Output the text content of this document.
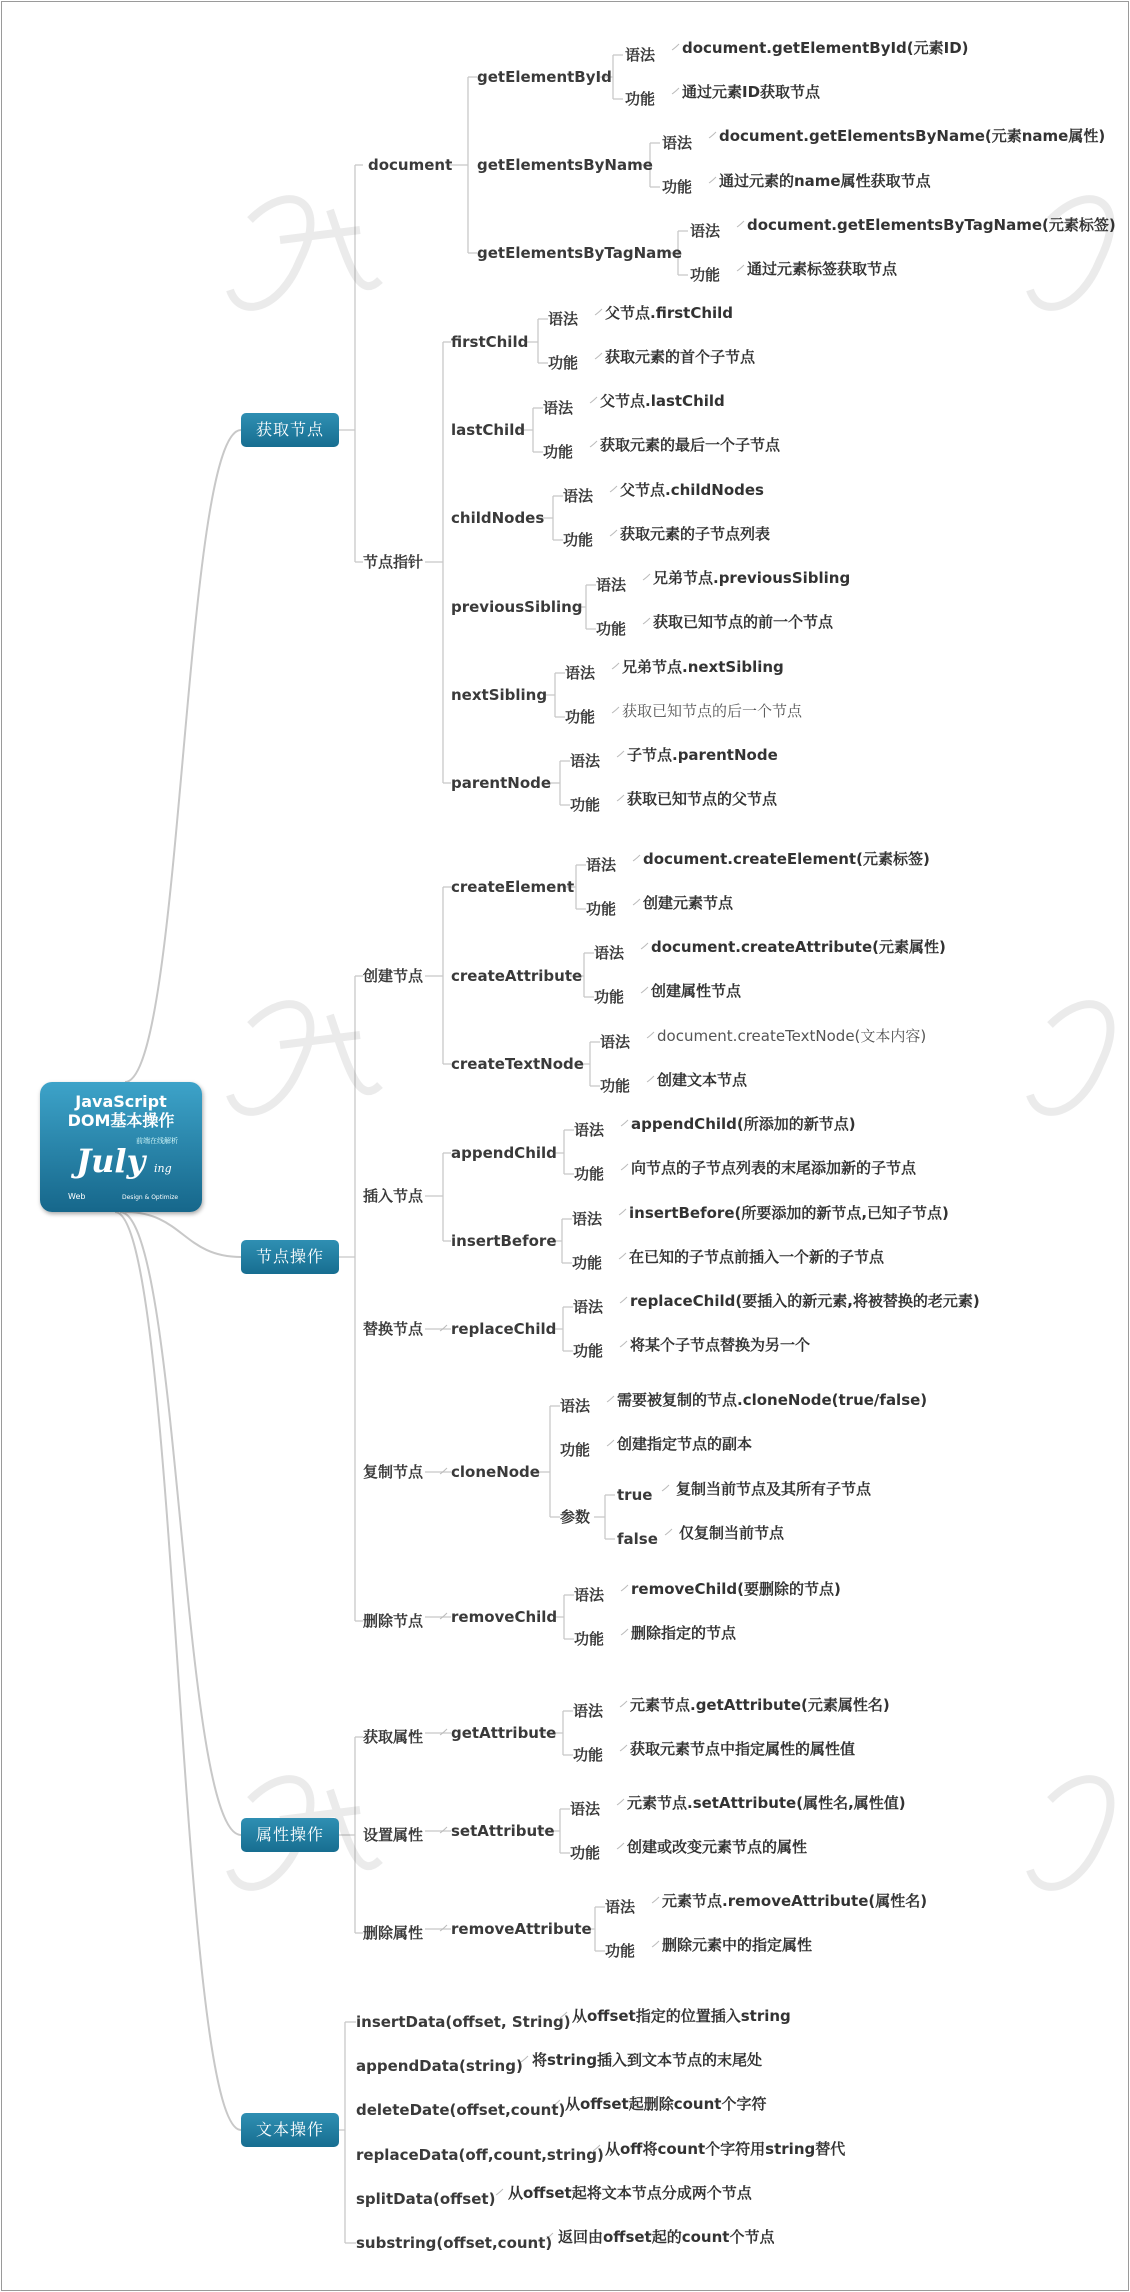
JavaScript
DOM基本操作
前端在线解析
July ing
Web	Design & Optimize
获取节点
节点操作
属性操作
文本操作
document
getElementById
语法 document.getElementById(元素ID)
功能 通过元素ID获取节点
getElementsByName
语法 document.getElementsByName(元素name属性)
功能 通过元素的name属性获取节点
getElementsByTagName
语法 document.getElementsByTagName(元素标签)
功能 通过元素标签获取节点
节点指针
firstChild
语法 父节点.firstChild
功能 获取元素的首个子节点
lastChild
语法 父节点.lastChild
功能 获取元素的最后一个子节点
childNodes
语法 父节点.childNodes
功能 获取元素的子节点列表
previousSibling
语法 兄弟节点.previousSibling
功能 获取已知节点的前一个节点
nextSibling
语法 兄弟节点.nextSibling
功能 获取已知节点的后一个节点
parentNode
语法 子节点.parentNode
功能 获取已知节点的父节点
创建节点
createElement
语法 document.createElement(元素标签)
功能 创建元素节点
createAttribute
语法 document.createAttribute(元素属性)
功能 创建属性节点
createTextNode
语法 document.createTextNode(文本内容)
功能 创建文本节点
插入节点
appendChild
语法 appendChild(所添加的新节点)
功能 向节点的子节点列表的末尾添加新的子节点
insertBefore
语法 insertBefore(所要添加的新节点,已知子节点)
功能 在已知的子节点前插入一个新的子节点
替换节点 replaceChild
语法 replaceChild(要插入的新元素,将被替换的老元素)
功能 将某个子节点替换为另一个
复制节点 cloneNode
语法 需要被复制的节点.cloneNode(true/false)
功能 创建指定节点的副本
参数
true 复制当前节点及其所有子节点
false 仅复制当前节点
删除节点 removeChild
语法 removeChild(要删除的节点)
功能 删除指定的节点
获取属性 getAttribute
语法 元素节点.getAttribute(元素属性名)
功能 获取元素节点中指定属性的属性值
设置属性 setAttribute
语法 元素节点.setAttribute(属性名,属性值)
功能 创建或改变元素节点的属性
删除属性 removeAttribute
语法 元素节点.removeAttribute(属性名)
功能 删除元素中的指定属性
insertData(offset, String) 从offset指定的位置插入string
appendData(string) 将string插入到文本节点的末尾处
deleteDate(offset,count) 从offset起删除count个字符
replaceData(off,count,string) 从off将count个字符用string替代
splitData(offset) 从offset起将文本节点分成两个节点
substring(offset,count) 返回由offset起的count个节点
